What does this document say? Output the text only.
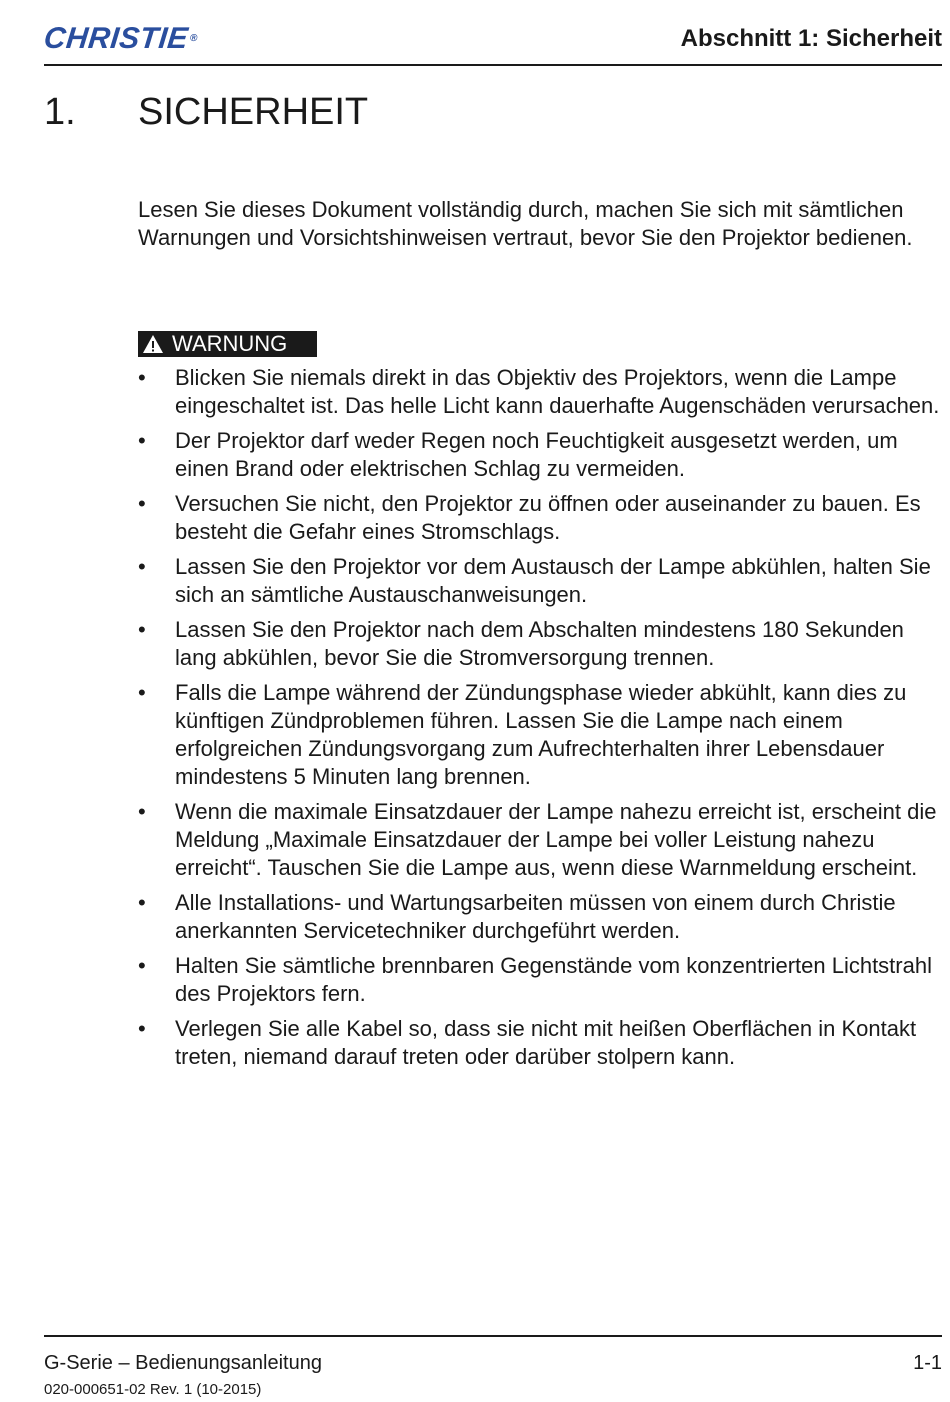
CHRISTIE®	Abschnitt 1: Sicherheit
1. SICHERHEIT

Lesen Sie dieses Dokument vollständig durch, machen Sie sich mit sämtlichen Warnungen und Vorsichtshinweisen vertraut, bevor Sie den Projektor bedienen.

WARNUNG
• Blicken Sie niemals direkt in das Objektiv des Projektors, wenn die Lampe eingeschaltet ist. Das helle Licht kann dauerhafte Augenschäden verursachen.
• Der Projektor darf weder Regen noch Feuchtigkeit ausgesetzt werden, um einen Brand oder elektrischen Schlag zu vermeiden.
• Versuchen Sie nicht, den Projektor zu öffnen oder auseinander zu bauen. Es besteht die Gefahr eines Stromschlags.
• Lassen Sie den Projektor vor dem Austausch der Lampe abkühlen, halten Sie sich an sämtliche Austauschanweisungen.
• Lassen Sie den Projektor nach dem Abschalten mindestens 180 Sekunden lang abkühlen, bevor Sie die Stromversorgung trennen.
• Falls die Lampe während der Zündungsphase wieder abkühlt, kann dies zu künftigen Zündproblemen führen. Lassen Sie die Lampe nach einem erfolgreichen Zündungsvorgang zum Aufrechterhalten ihrer Lebensdauer mindestens 5 Minuten lang brennen.
• Wenn die maximale Einsatzdauer der Lampe nahezu erreicht ist, erscheint die Meldung „Maximale Einsatzdauer der Lampe bei voller Leistung nahezu erreicht“. Tauschen Sie die Lampe aus, wenn diese Warnmeldung erscheint.
• Alle Installations- und Wartungsarbeiten müssen von einem durch Christie anerkannten Servicetechniker durchgeführt werden.
• Halten Sie sämtliche brennbaren Gegenstände vom konzentrierten Lichtstrahl des Projektors fern.
• Verlegen Sie alle Kabel so, dass sie nicht mit heißen Oberflächen in Kontakt treten, niemand darauf treten oder darüber stolpern kann.
G-Serie – Bedienungsanleitung	1-1
020-000651-02 Rev. 1 (10-2015)
